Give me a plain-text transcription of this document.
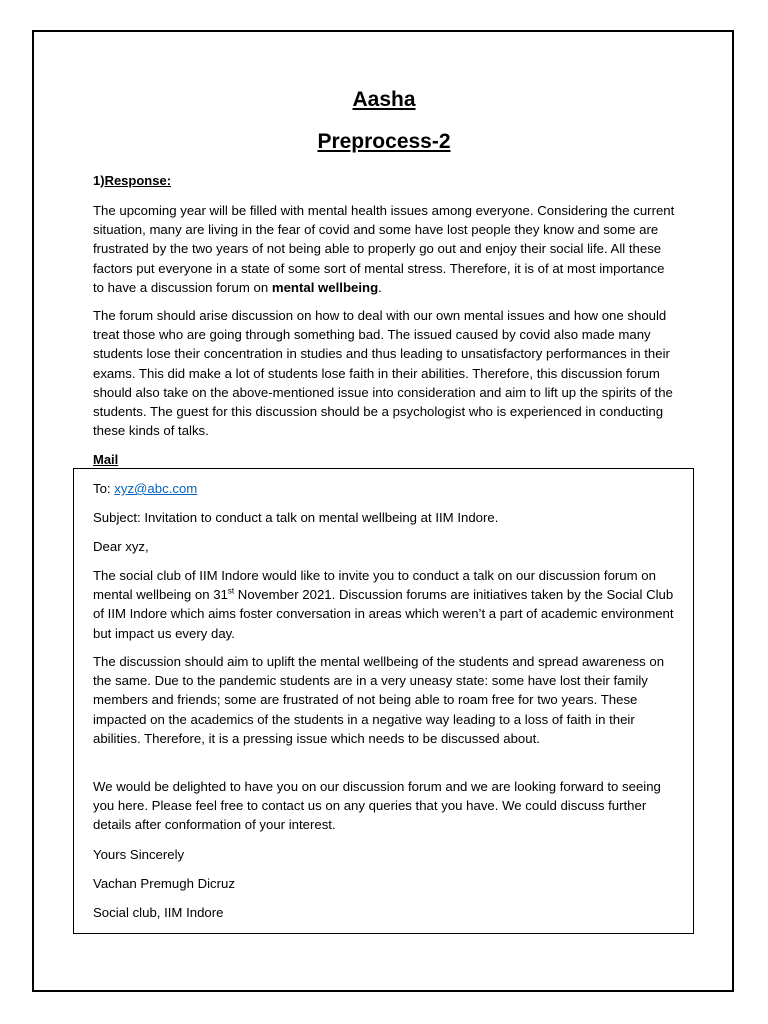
Aasha
Preprocess-2

1)Response:

The upcoming year will be filled with mental health issues among everyone. Considering the current situation, many are living in the fear of covid and some have lost people they know and some are frustrated by the two years of not being able to properly go out and enjoy their social life. All these factors put everyone in a state of some sort of mental stress. Therefore, it is of at most importance to have a discussion forum on mental wellbeing.

The forum should arise discussion on how to deal with our own mental issues and how one should treat those who are going through something bad. The issued caused by covid also made many students lose their concentration in studies and thus leading to unsatisfactory performances in their exams. This did make a lot of students lose faith in their abilities. Therefore, this discussion forum should also take on the above-mentioned issue into consideration and aim to lift up the spirits of the students. The guest for this discussion should be a psychologist who is experienced in conducting these kinds of talks.

Mail

To: xyz@abc.com

Subject: Invitation to conduct a talk on mental wellbeing at IIM Indore.

Dear xyz,

The social club of IIM Indore would like to invite you to conduct a talk on our discussion forum on mental wellbeing on 31st November 2021. Discussion forums are initiatives taken by the Social Club of IIM Indore which aims foster conversation in areas which weren’t a part of academic environment but impact us every day.

The discussion should aim to uplift the mental wellbeing of the students and spread awareness on the same. Due to the pandemic students are in a very uneasy state: some have lost their family members and friends; some are frustrated of not being able to roam free for two years. These impacted on the academics of the students in a negative way leading to a loss of faith in their abilities. Therefore, it is a pressing issue which needs to be discussed about.

We would be delighted to have you on our discussion forum and we are looking forward to seeing you here. Please feel free to contact us on any queries that you have. We could discuss further details after conformation of your interest.

Yours Sincerely

Vachan Premugh Dicruz

Social club, IIM Indore
